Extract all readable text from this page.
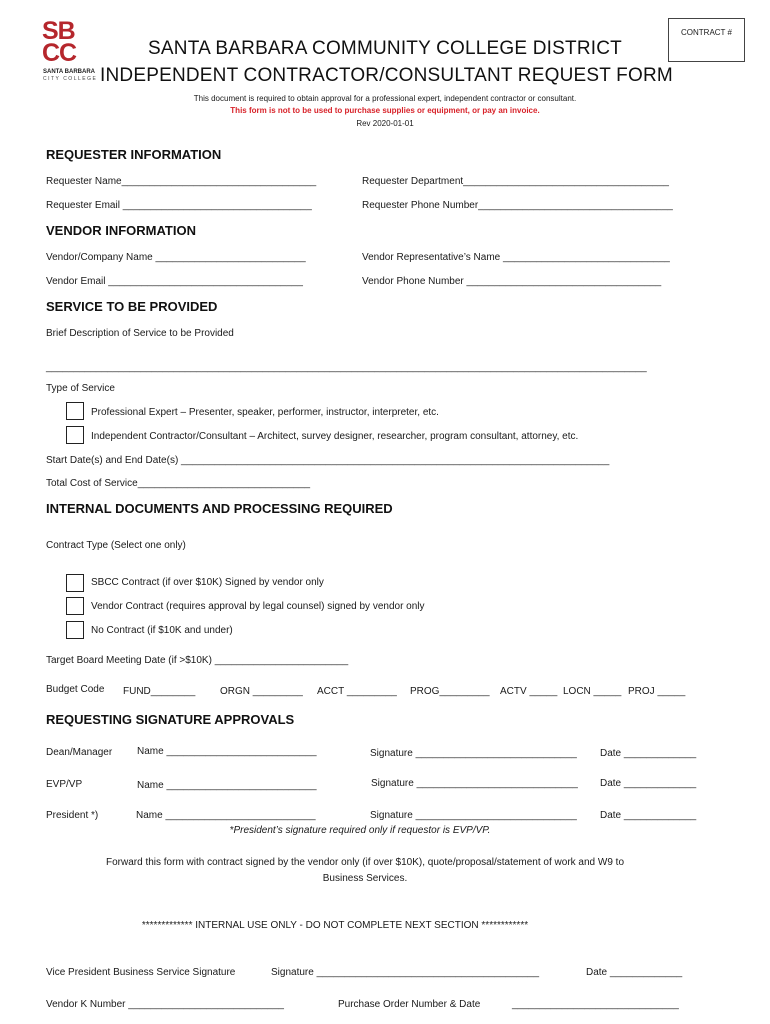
CONTRACT #
SB
CC
SANTA BARBARA
CITY COLLEGE
SANTA BARBARA COMMUNITY COLLEGE DISTRICT
INDEPENDENT CONTRACTOR/CONSULTANT REQUEST FORM
This document is required to obtain approval for a professional expert, independent contractor or consultant.
This form is not to be used to purchase supplies or equipment, or pay an invoice.
Rev 2020-01-01
REQUESTER INFORMATION
Requester Name___________________________________	Requester Department_____________________________________
Requester Email __________________________________	Requester Phone Number___________________________________
VENDOR INFORMATION
Vendor/Company Name ___________________________	Vendor Representative’s Name ______________________________
Vendor Email ___________________________________	Vendor Phone Number ___________________________________
SERVICE TO BE PROVIDED
Brief Description of Service to be Provided
____________________________________________________________________________________________________________
Type of Service
Professional Expert – Presenter, speaker, performer, instructor, interpreter, etc.
Independent Contractor/Consultant – Architect, survey designer, researcher, program consultant, attorney, etc.
Start Date(s) and End Date(s) _____________________________________________________________________________
Total Cost of Service_______________________________
INTERNAL DOCUMENTS AND PROCESSING REQUIRED
Contract Type (Select one only)
SBCC Contract (if over $10K) Signed by vendor only
Vendor Contract (requires approval by legal counsel) signed by vendor only
No Contract (if $10K and under)
Target Board Meeting Date (if >$10K) ________________________
Budget Code FUND________ ORGN _________ ACCT _________ PROG_________ ACTV _____ LOCN _____ PROJ _____
REQUESTING SIGNATURE APPROVALS
Dean/Manager Name ___________________________	Signature _____________________________ Date _____________
EVP/VP	Name ___________________________	Signature _____________________________ Date _____________
President *)	Name ___________________________	Signature _____________________________ Date _____________
*President’s signature required only if requestor is EVP/VP.
Forward this form with contract signed by the vendor only (if over $10K), quote/proposal/statement of work and W9 to
Business Services.
************* INTERNAL USE ONLY - DO NOT COMPLETE NEXT SECTION ************
Vice President Business Service Signature	Signature ________________________________________	Date _____________
Vendor K Number ____________________________	Purchase Order Number & Date	______________________________
